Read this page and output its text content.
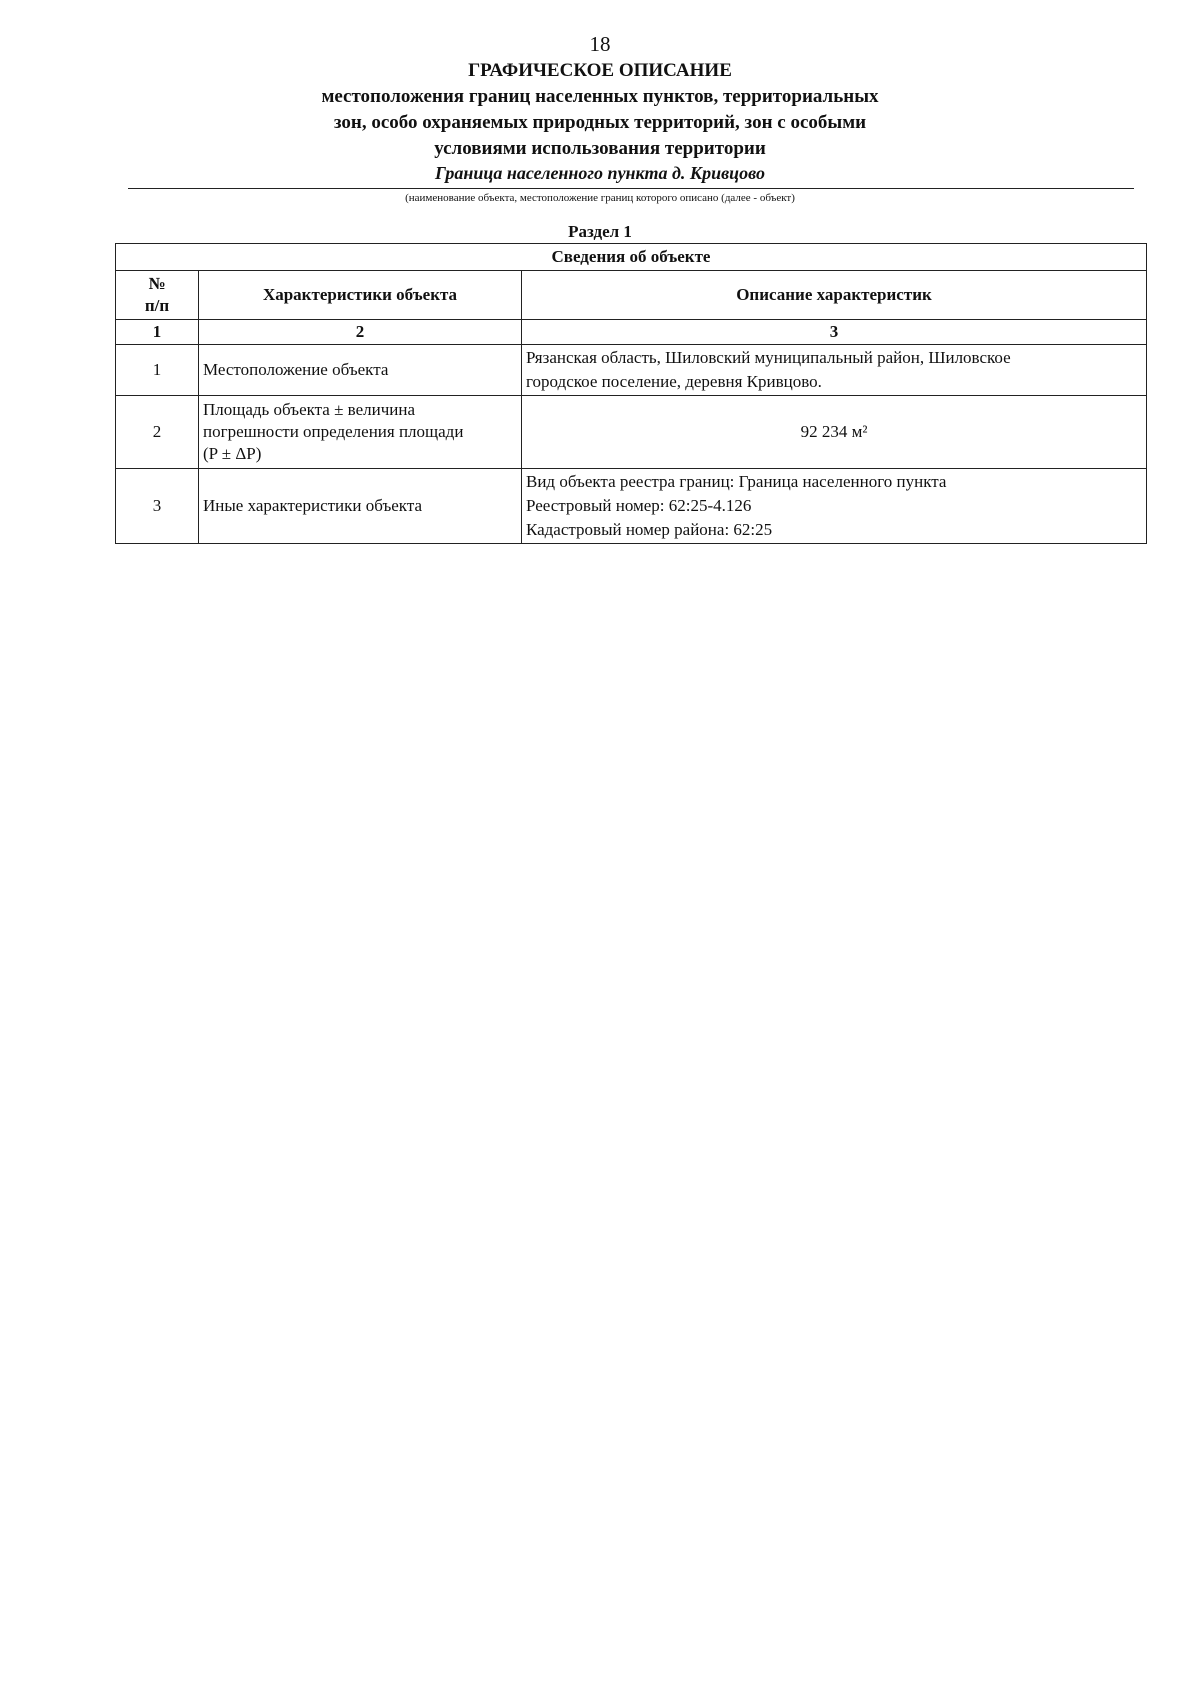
18
ГРАФИЧЕСКОЕ ОПИСАНИЕ
местоположения границ населенных пунктов, территориальных
зон, особо охраняемых природных территорий, зон с особыми
условиями использования территории
Граница населенного пункта д. Кривцово
(наименование объекта, местоположение границ которого описано (далее - объект)
Раздел 1
Сведения об объекте		

№
п/п	Характеристики объекта	Описание характеристик
1	2	3
1	Местоположение объекта	Рязанская область, Шиловский муниципальный район, Шиловское
городское поселение, деревня Кривцово.

2	Площадь объекта ± величина
погрешности определения площади
(P ± ΔP)	92 234 м²
3	Иные характеристики объекта	Вид объекта реестра границ: Граница населенного пункта
Реестровый номер: 62:25-4.126
Кадастровый номер района: 62:25
